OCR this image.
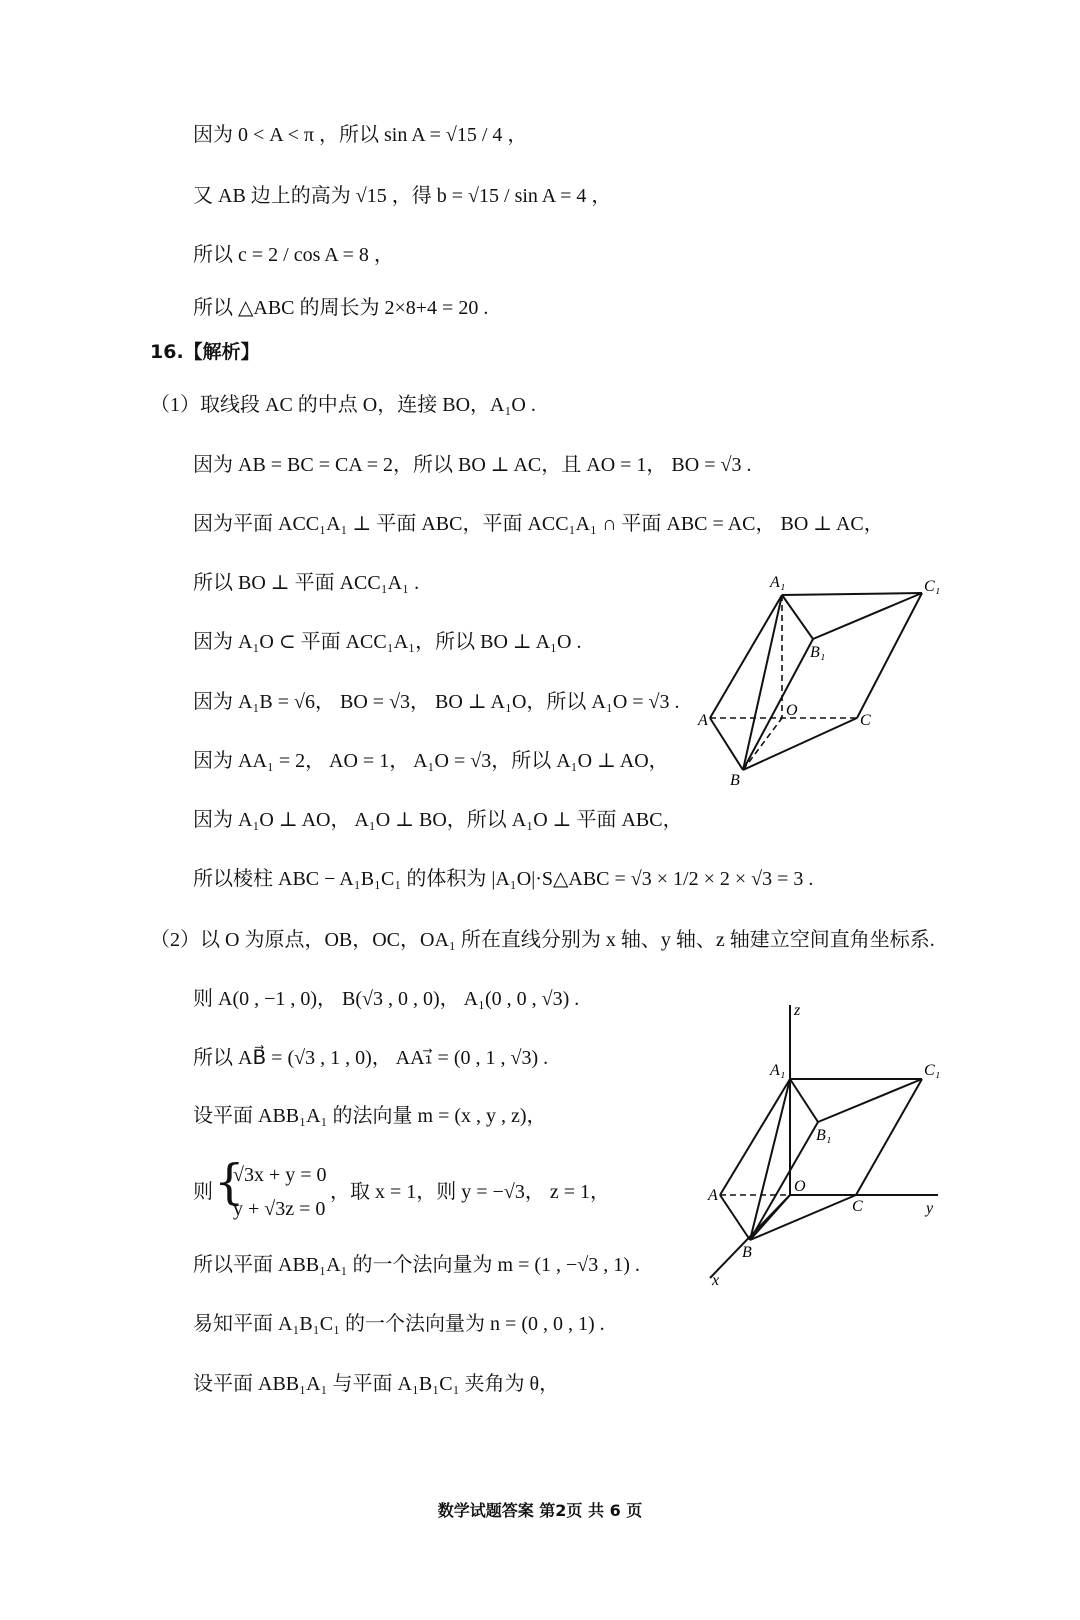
因为 0 < A < π ，所以 sin A = √15 / 4 ，
又 AB 边上的高为 √15 ，得 b = √15 / sin A = 4 ，
所以 c = 2 / cos A = 8 ，
所以 △ABC 的周长为 2×8+4 = 20 .
16.【解析】
（1）取线段 AC 的中点 O，连接 BO，A₁O .
因为 AB = BC = CA = 2，所以 BO ⊥ AC，且 AO = 1， BO = √3 .
因为平面 ACC₁A₁ ⊥ 平面 ABC，平面 ACC₁A₁ ∩ 平面 ABC = AC， BO ⊥ AC，
所以 BO ⊥ 平面 ACC₁A₁ .
因为 A₁O ⊂ 平面 ACC₁A₁，所以 BO ⊥ A₁O .
因为 A₁B = √6， BO = √3， BO ⊥ A₁O，所以 A₁O = √3 .
因为 AA₁ = 2， AO = 1， A₁O = √3，所以 A₁O ⊥ AO，
因为 A₁O ⊥ AO， A₁O ⊥ BO，所以 A₁O ⊥ 平面 ABC，
所以棱柱 ABC − A₁B₁C₁ 的体积为 |A₁O|·S△ABC = √3 × 1/2 × 2 × √3 = 3 .
（2）以 O 为原点，OB，OC，OA₁ 所在直线分别为 x 轴、y 轴、z 轴建立空间直角坐标系.
则 A(0 , −1 , 0)， B(√3 , 0 , 0)， A₁(0 , 0 , √3) .
所以 AB⃗ = (√3 , 1 , 0)， AA₁⃗ = (0 , 1 , √3) .
设平面 ABB₁A₁ 的法向量 m = (x , y , z)，
则 {
√3x + y = 0
y + √3z = 0
，取 x = 1，则 y = −√3， z = 1，
所以平面 ABB₁A₁ 的一个法向量为 m = (1 , −√3 , 1) .
易知平面 A₁B₁C₁ 的一个法向量为 n = (0 , 0 , 1) .
设平面 ABB₁A₁ 与平面 A₁B₁C₁ 夹角为 θ，
A₁	C₁
B₁
A
O
C
B
z
A₁	C₁
B₁
A
O
C	y
B
x
数学试题答案 第2页 共 6 页
